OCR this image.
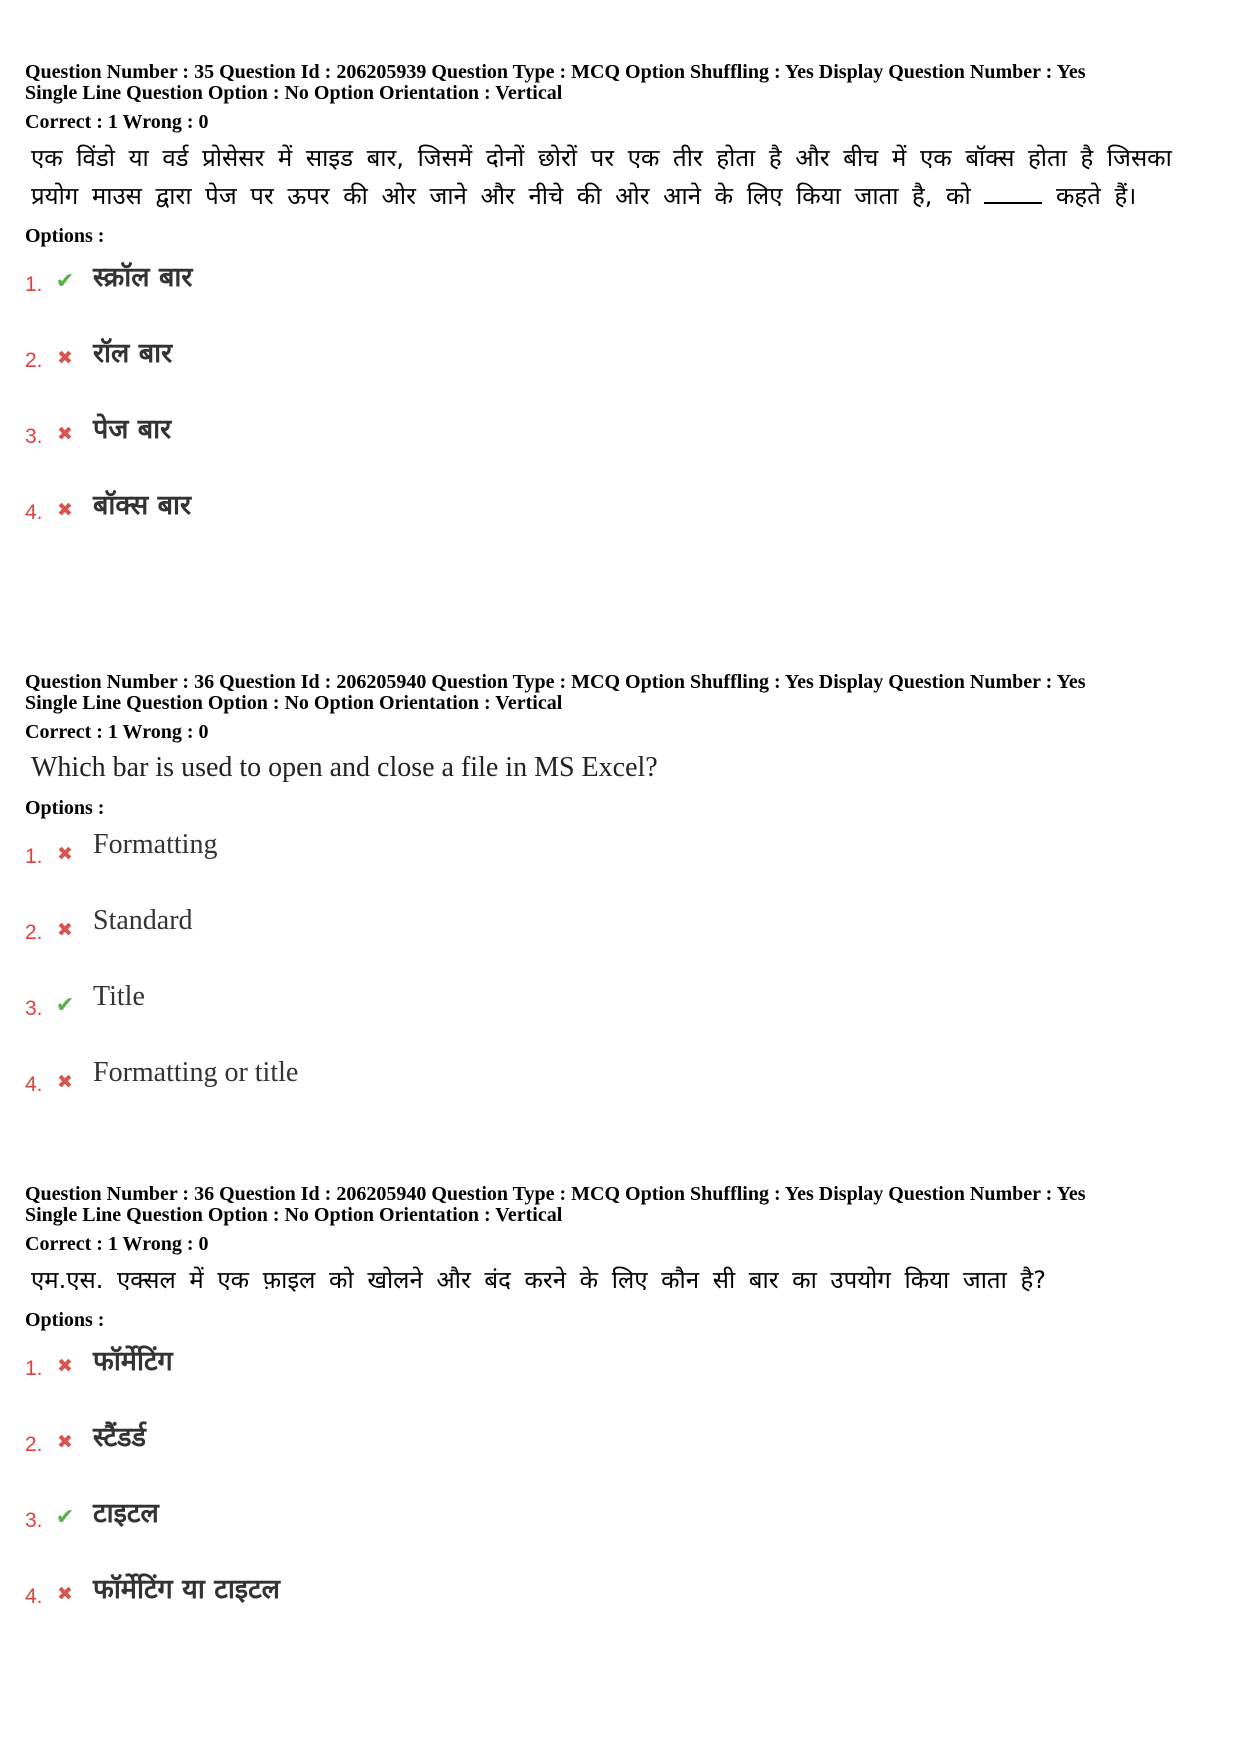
Question Number : 35 Question Id : 206205939 Question Type : MCQ Option Shuffling : Yes Display Question Number : Yes
Single Line Question Option : No Option Orientation : Vertical
Correct : 1 Wrong : 0
एक विंडो या वर्ड प्रोसेसर में साइड बार, जिसमें दोनों छोरों पर एक तीर होता है और बीच में एक बॉक्स होता है जिसका प्रयोग माउस द्वारा पेज पर ऊपर की ओर जाने और नीचे की ओर आने के लिए किया जाता है, को	कहते हैं।
Options :
1. ✔ स्क्रॉल बार
2. ✖ रॉल बार
3. ✖ पेज बार
4. ✖ बॉक्स बार
Question Number : 36 Question Id : 206205940 Question Type : MCQ Option Shuffling : Yes Display Question Number : Yes
Single Line Question Option : No Option Orientation : Vertical
Correct : 1 Wrong : 0
Which bar is used to open and close a file in MS Excel?
Options :
1. ✖ Formatting
2. ✖ Standard
3. ✔ Title
4. ✖ Formatting or title
Question Number : 36 Question Id : 206205940 Question Type : MCQ Option Shuffling : Yes Display Question Number : Yes
Single Line Question Option : No Option Orientation : Vertical
Correct : 1 Wrong : 0
एम.एस. एक्सल में एक फ़ाइल को खोलने और बंद करने के लिए कौन सी बार का उपयोग किया जाता है?
Options :
1. ✖ फॉर्मेटिंग
2. ✖ स्टैंडर्ड
3. ✔ टाइटल
4. ✖ फॉर्मेटिंग या टाइटल
